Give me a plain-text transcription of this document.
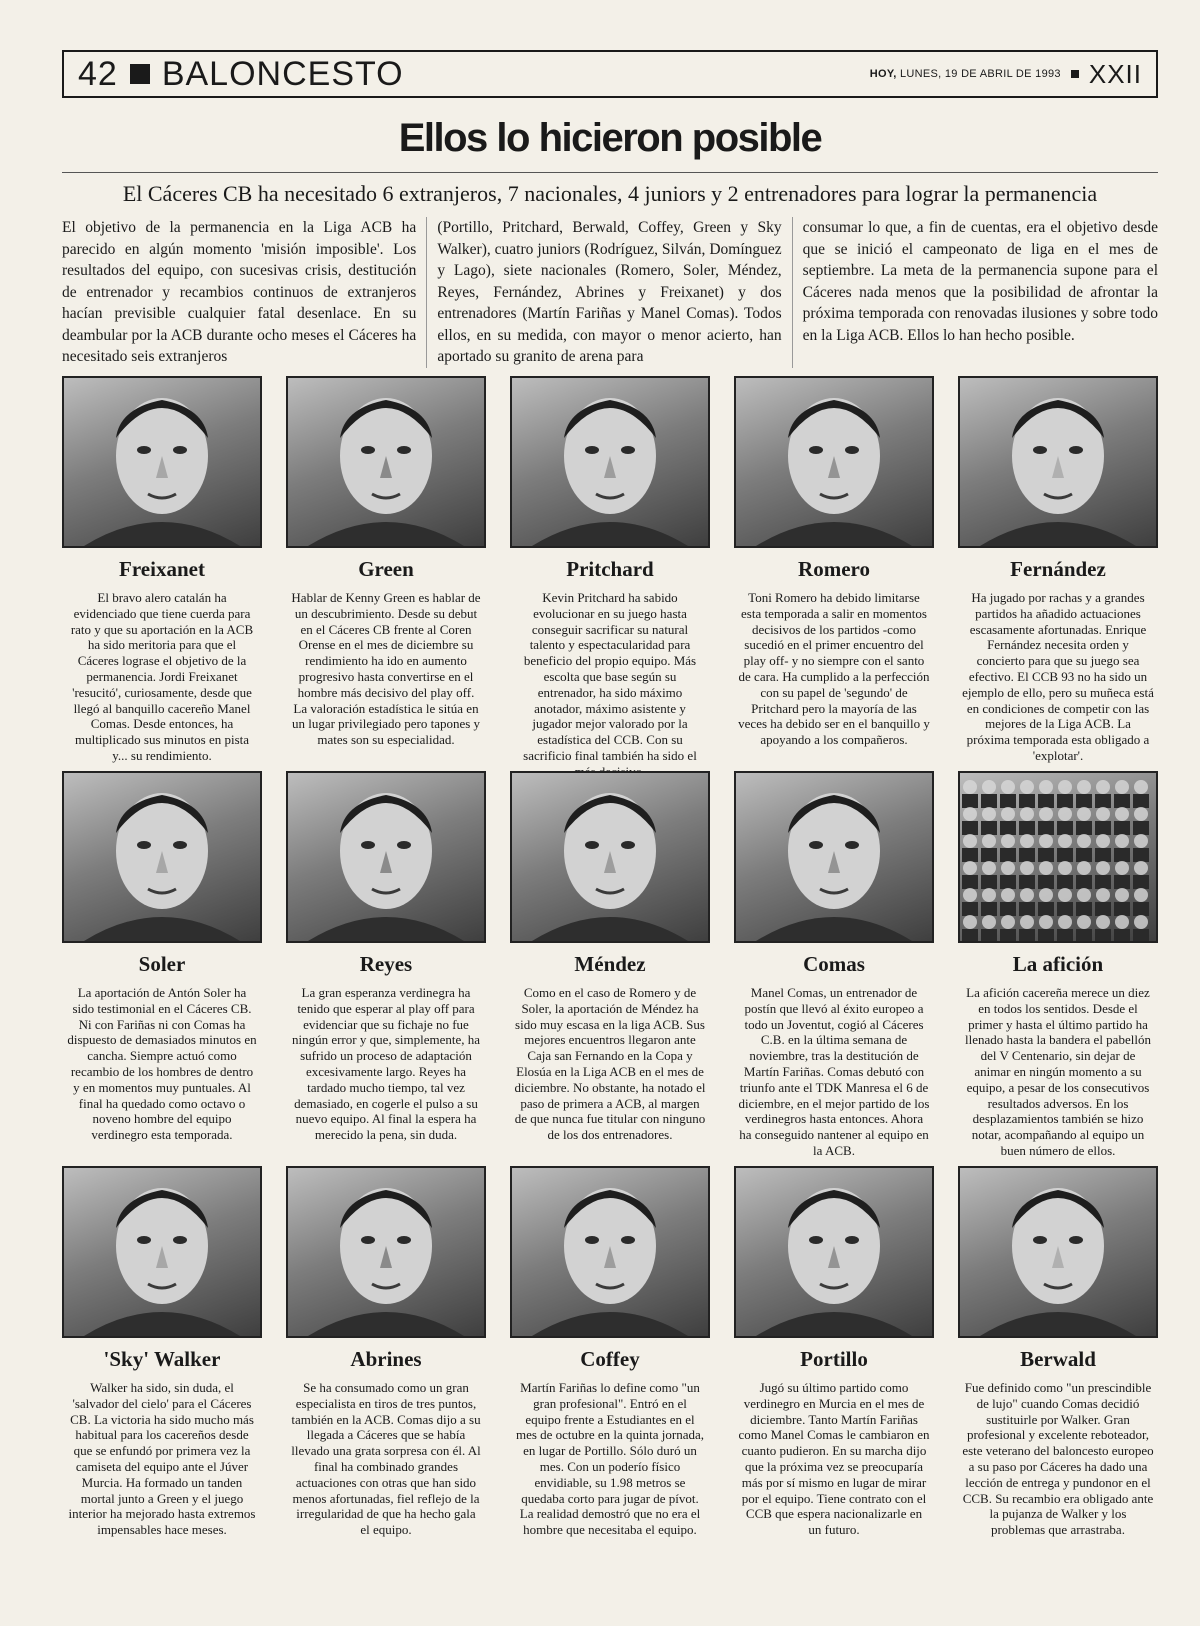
42 BALONCESTO	HOY, LUNES, 19 DE ABRIL DE 1993 XXII
Ellos lo hicieron posible
El Cáceres CB ha necesitado 6 extranjeros, 7 nacionales, 4 juniors y 2 entrenadores para lograr la permanencia

El objetivo de la permanencia en la Liga ACB ha parecido en algún momento 'misión imposible'. Los resultados del equipo, con sucesivas crisis, destitución de entrenador y recambios continuos de extranjeros hacían previsible cualquier fatal desenlace. En su deambular por la ACB durante ocho meses el Cáceres ha necesitado seis extranjeros

(Portillo, Pritchard, Berwald, Coffey, Green y Sky Walker), cuatro juniors (Rodríguez, Silván, Domínguez y Lago), siete nacionales (Romero, Soler, Méndez, Reyes, Fernández, Abrines y Freixanet) y dos entrenadores (Martín Fariñas y Manel Comas). Todos ellos, en su medida, con mayor o menor acierto, han aportado su granito de arena para

consumar lo que, a fin de cuentas, era el objetivo desde que se inició el campeonato de liga en el mes de septiembre. La meta de la permanencia supone para el Cáceres nada menos que la posibilidad de afrontar la próxima temporada con renovadas ilusiones y sobre todo en la Liga ACB. Ellos lo han hecho posible.

Freixanet
El bravo alero catalán ha evidenciado que tiene cuerda para rato y que su aportación en la ACB ha sido meritoria para que el Cáceres lograse el objetivo de la permanencia. Jordi Freixanet 'resucitó', curiosamente, desde que llegó al banquillo cacereño Manel Comas. Desde entonces, ha multiplicado sus minutos en pista y... su rendimiento.
Green
Hablar de Kenny Green es hablar de un descubrimiento. Desde su debut en el Cáceres CB frente al Coren Orense en el mes de diciembre su rendimiento ha ido en aumento progresivo hasta convertirse en el hombre más decisivo del play off. La valoración estadística le sitúa en un lugar privilegiado pero tapones y mates son su especialidad.
Pritchard
Kevin Pritchard ha sabido evolucionar en su juego hasta conseguir sacrificar su natural talento y espectacularidad para beneficio del propio equipo. Más escolta que base según su entrenador, ha sido máximo anotador, máximo asistente y jugador mejor valorado por la estadística del CCB. Con su sacrificio final también ha sido el
Romero
Toni Romero ha debido limitarse esta temporada a salir en momentos decisivos de los partidos -como sucedió en el primer encuentro del play off- y no siempre con el santo de cara. Ha cumplido a la perfección con su papel de 'segundo' de Pritchard pero la mayoría de las veces ha debido ser en el banquillo y apoyando a los compañeros.
Fernández
Ha jugado por rachas y a grandes partidos ha añadido actuaciones escasamente afortunadas. Enrique Fernández necesita orden y concierto para que su juego sea efectivo. El CCB 93 no ha sido un ejemplo de ello, pero su muñeca está en condiciones de competir con las mejores de la Liga ACB. La próxima temporada esta obligado a 'explotar'.
Soler
La aportación de Antón Soler ha sido testimonial en el Cáceres CB. Ni con Fariñas ni con Comas ha dispuesto de demasiados minutos en cancha. Siempre actuó como recambio de los hombres de dentro y en momentos muy puntuales. Al final ha quedado como octavo o noveno hombre del equipo verdinegro esta temporada.
Reyes
La gran esperanza verdinegra ha tenido que esperar al play off para evidenciar que su fichaje no fue ningún error y que, simplemente, ha sufrido un proceso de adaptación excesivamente largo. Reyes ha tardado mucho tiempo, tal vez demasiado, en cogerle el pulso a su nuevo equipo. Al final la espera ha merecido la pena, sin duda.
Méndez
Como en el caso de Romero y de Soler, la aportación de Méndez ha sido muy escasa en la liga ACB. Sus mejores encuentros llegaron ante Caja san Fernando en la Copa y Elosúa en la Liga ACB en el mes de diciembre. No obstante, ha notado el paso de primera a ACB, al margen de que nunca fue titular con ninguno de los dos entrenadores.
Comas
Manel Comas, un entrenador de postín que llevó al éxito europeo a todo un Joventut, cogió al Cáceres C.B. en la última semana de noviembre, tras la destitución de Martín Fariñas. Comas debutó con triunfo ante el TDK Manresa el 6 de diciembre, en el mejor partido de los verdinegros hasta entonces. Ahora ha conseguido nantener al equipo en la ACB.
La afición
La afición cacereña merece un diez en todos los sentidos. Desde el primer y hasta el último partido ha llenado hasta la bandera el pabellón del V Centenario, sin dejar de animar en ningún momento a su equipo, a pesar de los consecutivos resultados adversos. En los desplazamientos también se hizo notar, acompañando al equipo un buen número de ellos.
'Sky' Walker
Walker ha sido, sin duda, el 'salvador del cielo' para el Cáceres CB. La victoria ha sido mucho más habitual para los cacereños desde que se enfundó por primera vez la camiseta del equipo ante el Júver Murcia. Ha formado un tanden mortal junto a Green y el juego interior ha mejorado hasta extremos impensables hace meses.
Abrines
Se ha consumado como un gran especialista en tiros de tres puntos, también en la ACB. Comas dijo a su llegada a Cáceres que se había llevado una grata sorpresa con él. Al final ha combinado grandes actuaciones con otras que han sido menos afortunadas, fiel reflejo de la irregularidad de que ha hecho gala el equipo.
Coffey
Martín Fariñas lo define como "un gran profesional". Entró en el equipo frente a Estudiantes en el mes de octubre en la quinta jornada, en lugar de Portillo. Sólo duró un mes. Con un poderío físico envidiable, su 1.98 metros se quedaba corto para jugar de pívot. La realidad demostró que no era el hombre que necesitaba el equipo.
Portillo
Jugó su último partido como verdinegro en Murcia en el mes de diciembre. Tanto Martín Fariñas como Manel Comas le cambiaron en cuanto pudieron. En su marcha dijo que la próxima vez se preocuparía más por sí mismo en lugar de mirar por el equipo. Tiene contrato con el CCB que espera nacionalizarle en un futuro.
Berwald
Fue definido como "un prescindible de lujo" cuando Comas decidió sustituirle por Walker. Gran profesional y excelente reboteador, este veterano del baloncesto europeo a su paso por Cáceres ha dado una lección de entrega y pundonor en el CCB. Su recambio era obligado ante la pujanza de Walker y los problemas que arrastraba.
